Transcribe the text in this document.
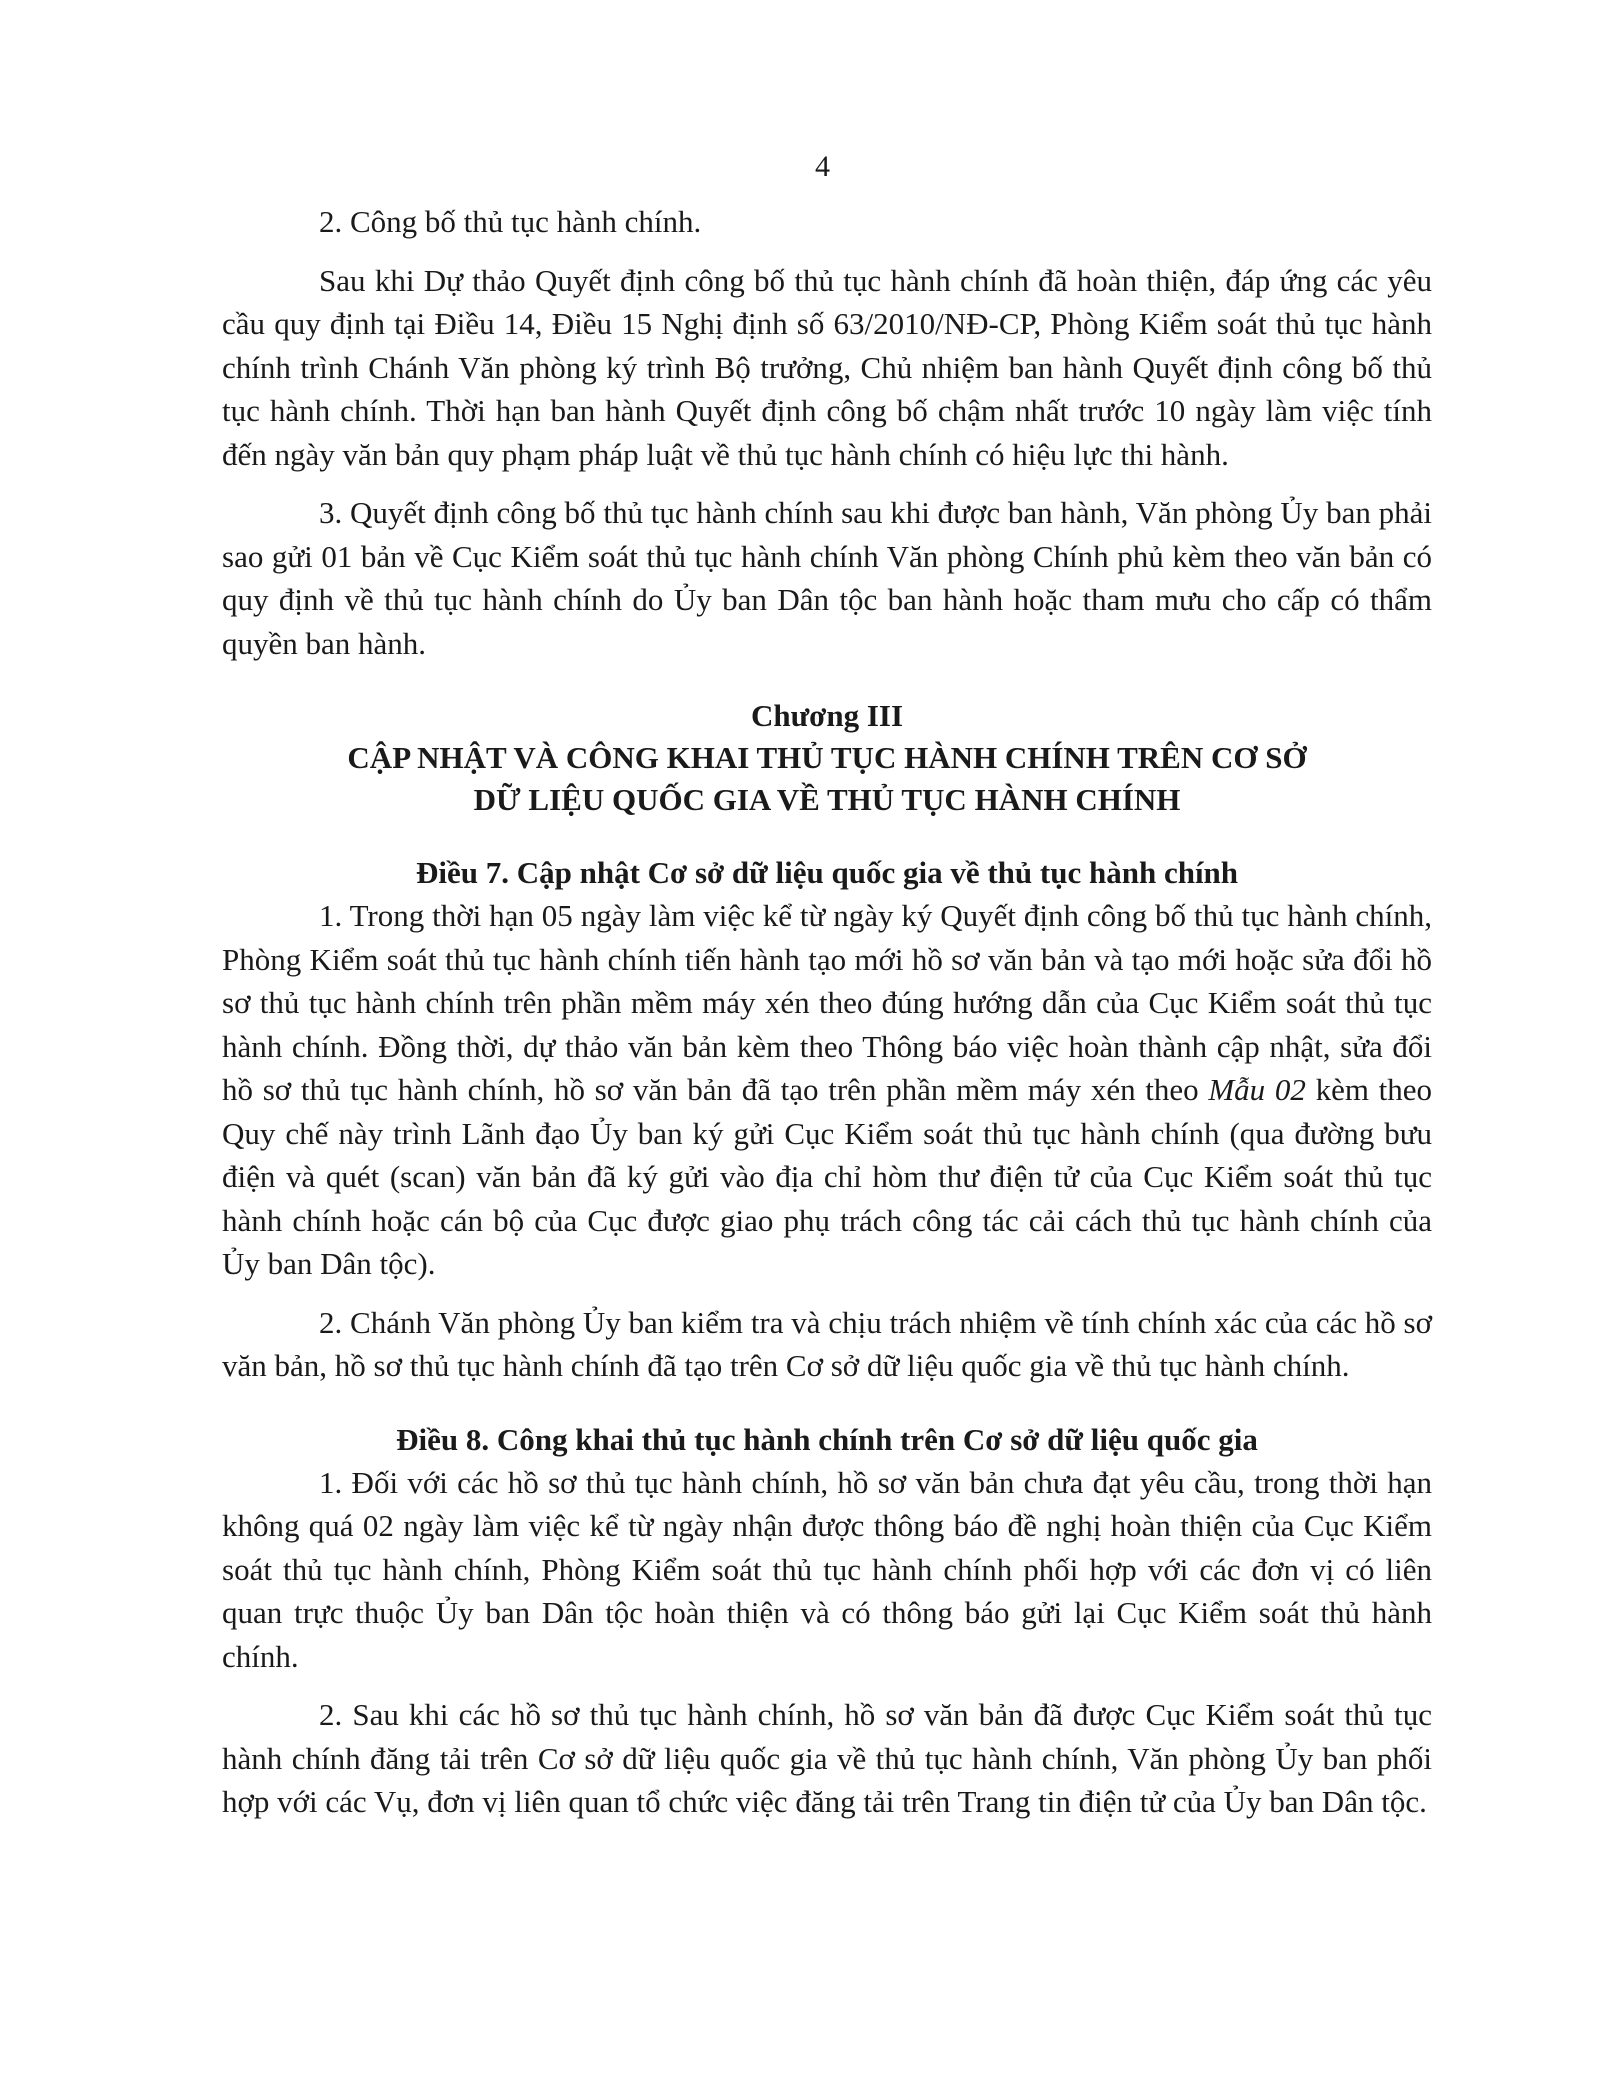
4

2. Công bố thủ tục hành chính.

Sau khi Dự thảo Quyết định công bố thủ tục hành chính đã hoàn thiện, đáp ứng các yêu cầu quy định tại Điều 14, Điều 15 Nghị định số 63/2010/NĐ-CP, Phòng Kiểm soát thủ tục hành chính trình Chánh Văn phòng ký trình Bộ trưởng, Chủ nhiệm ban hành Quyết định công bố thủ tục hành chính. Thời hạn ban hành Quyết định công bố chậm nhất trước 10 ngày làm việc tính đến ngày văn bản quy phạm pháp luật về thủ tục hành chính có hiệu lực thi hành.

3. Quyết định công bố thủ tục hành chính sau khi được ban hành, Văn phòng Ủy ban phải sao gửi 01 bản về Cục Kiểm soát thủ tục hành chính Văn phòng Chính phủ kèm theo văn bản có quy định về thủ tục hành chính do Ủy ban Dân tộc ban hành hoặc tham mưu cho cấp có thẩm quyền ban hành.

Chương III

CẬP NHẬT VÀ CÔNG KHAI THỦ TỤC HÀNH CHÍNH TRÊN CƠ SỞ

DỮ LIỆU QUỐC GIA VỀ THỦ TỤC HÀNH CHÍNH

Điều 7. Cập nhật Cơ sở dữ liệu quốc gia về thủ tục hành chính

1. Trong thời hạn 05 ngày làm việc kể từ ngày ký Quyết định công bố thủ tục hành chính, Phòng Kiểm soát thủ tục hành chính tiến hành tạo mới hồ sơ văn bản và tạo mới hoặc sửa đổi hồ sơ thủ tục hành chính trên phần mềm máy xén theo đúng hướng dẫn của Cục Kiểm soát thủ tục hành chính. Đồng thời, dự thảo văn bản kèm theo Thông báo việc hoàn thành cập nhật, sửa đổi hồ sơ thủ tục hành chính, hồ sơ văn bản đã tạo trên phần mềm máy xén theo Mẫu 02 kèm theo Quy chế này trình Lãnh đạo Ủy ban ký gửi Cục Kiểm soát thủ tục hành chính (qua đường bưu điện và quét (scan) văn bản đã ký gửi vào địa chỉ hòm thư điện tử của Cục Kiểm soát thủ tục hành chính hoặc cán bộ của Cục được giao phụ trách công tác cải cách thủ tục hành chính của Ủy ban Dân tộc).

2. Chánh Văn phòng Ủy ban kiểm tra và chịu trách nhiệm về tính chính xác của các hồ sơ văn bản, hồ sơ thủ tục hành chính đã tạo trên Cơ sở dữ liệu quốc gia về thủ tục hành chính.

Điều 8. Công khai thủ tục hành chính trên Cơ sở dữ liệu quốc gia

1. Đối với các hồ sơ thủ tục hành chính, hồ sơ văn bản chưa đạt yêu cầu, trong thời hạn không quá 02 ngày làm việc kể từ ngày nhận được thông báo đề nghị hoàn thiện của Cục Kiểm soát thủ tục hành chính, Phòng Kiểm soát thủ tục hành chính phối hợp với các đơn vị có liên quan trực thuộc Ủy ban Dân tộc hoàn thiện và có thông báo gửi lại Cục Kiểm soát thủ hành chính.

2. Sau khi các hồ sơ thủ tục hành chính, hồ sơ văn bản đã được Cục Kiểm soát thủ tục hành chính đăng tải trên Cơ sở dữ liệu quốc gia về thủ tục hành chính, Văn phòng Ủy ban phối hợp với các Vụ, đơn vị liên quan tổ chức việc đăng tải trên Trang tin điện tử của Ủy ban Dân tộc.
